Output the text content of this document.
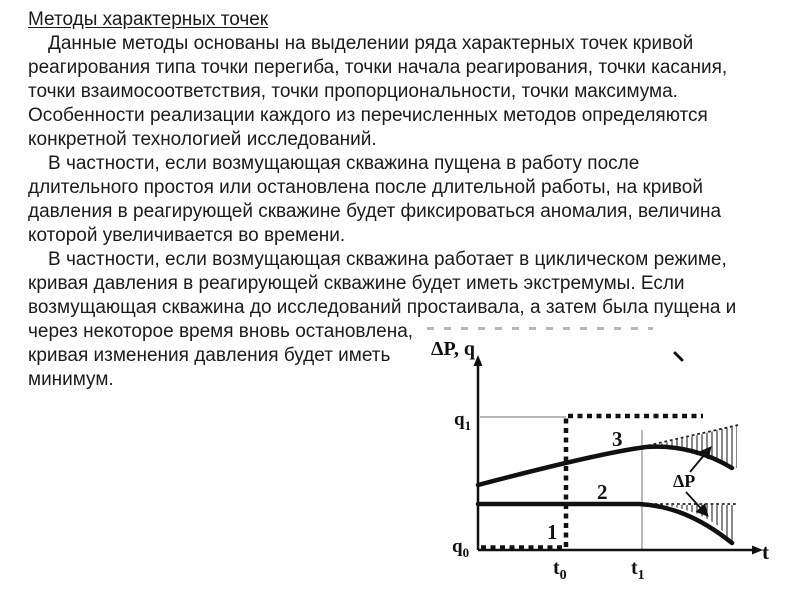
Методы характерных точек
Данные методы основаны на выделении ряда характерных точек кривой
реагирования типа точки перегиба, точки начала реагирования, точки касания,
точки взаимосоответствия, точки пропорциональности, точки максимума.
Особенности реализации каждого из перечисленных методов определяются
конкретной технологией исследований.
В частности, если возмущающая скважина пущена в работу после
длительного простоя или остановлена после длительной работы, на кривой
давления в реагирующей скважине будет фиксироваться аномалия, величина
которой увеличивается во времени.
В частности, если возмущающая скважина работает в циклическом режиме,
кривая давления в реагирующей скважине будет иметь экстремумы. Если
возмущающая скважина до исследований простаивала, а затем была пущена и
через некоторое время вновь остановлена,
кривая изменения давления будет иметь
минимум.
ΔP, q
t
$q_1$
$q_0$
$t_0$	$t_1$
3
2
1
ΔP
